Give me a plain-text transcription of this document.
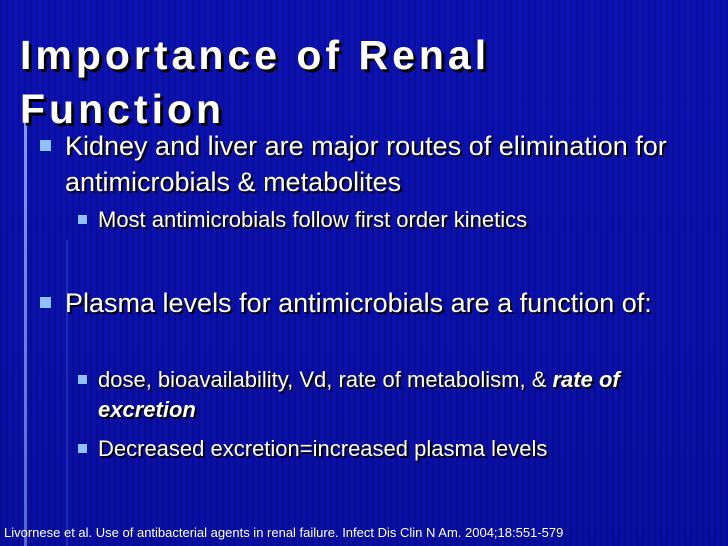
Importance of Renal Function
Kidney and liver are major routes of elimination for antimicrobials & metabolites
Most antimicrobials follow first order kinetics
Plasma levels for antimicrobials are a function of:
dose, bioavailability, Vd, rate of metabolism, & rate of excretion
Decreased excretion=increased plasma levels
Livornese et al. Use of antibacterial agents in renal failure. Infect Dis Clin N Am. 2004;18:551-579
